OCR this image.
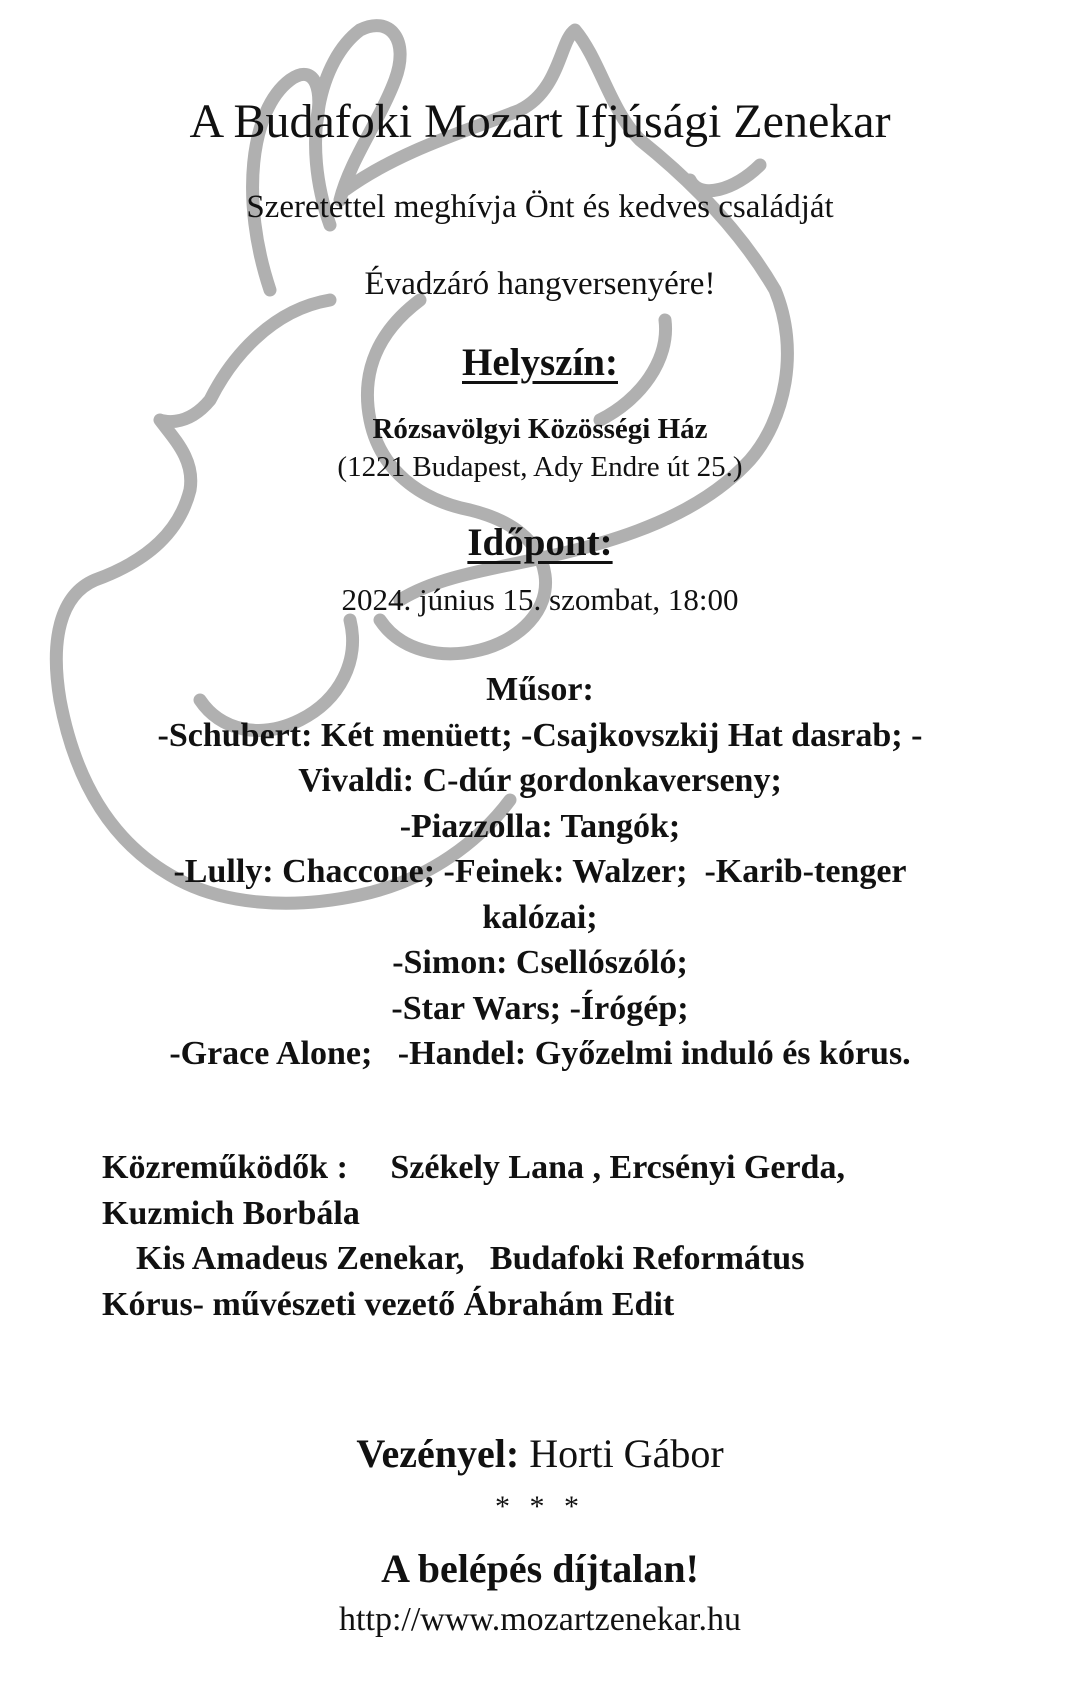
A Budafoki Mozart Ifjúsági Zenekar
Szeretettel meghívja Önt és kedves családját
Évadzáró hangversenyére!
Helyszín:
Rózsavölgyi Közösségi Ház
(1221 Budapest, Ady Endre út 25.)
Időpont:
2024. június 15. szombat, 18:00
Műsor:
-Schubert: Két menüett; -Csajkovszkij Hat dasrab; -
Vivaldi: C-dúr gordonkaverseny;
-Piazzolla: Tangók;
-Lully: Chaccone; -Feinek: Walzer;  -Karib-tenger
kalózai;
-Simon: Csellószóló;
-Star Wars; -Írógép;
-Grace Alone;   -Handel: Győzelmi induló és kórus.
Közreműködők :     Székely Lana , Ercsényi Gerda,
Kuzmich Borbála
Kis Amadeus Zenekar,   Budafoki Református
Kórus- művészeti vezető Ábrahám Edit
Vezényel: Horti Gábor
* * *
A belépés díjtalan!
http://www.mozartzenekar.hu
